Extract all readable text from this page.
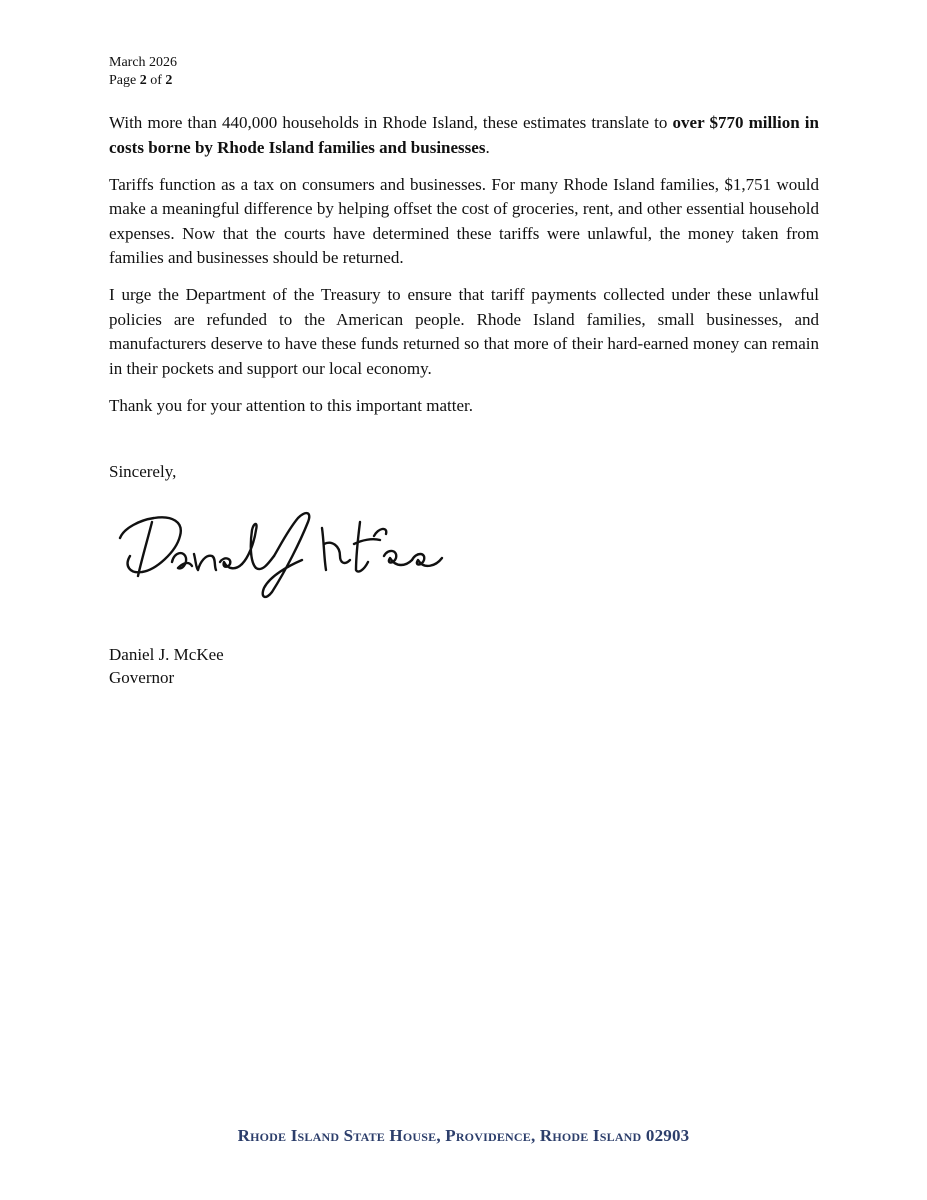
March 2026
Page 2 of 2

With more than 440,000 households in Rhode Island, these estimates translate to over $770 million in costs borne by Rhode Island families and businesses.

Tariffs function as a tax on consumers and businesses. For many Rhode Island families, $1,751 would make a meaningful difference by helping offset the cost of groceries, rent, and other essential household expenses. Now that the courts have determined these tariffs were unlawful, the money taken from families and businesses should be returned.

I urge the Department of the Treasury to ensure that tariff payments collected under these unlawful policies are refunded to the American people. Rhode Island families, small businesses, and manufacturers deserve to have these funds returned so that more of their hard-earned money can remain in their pockets and support our local economy.

Thank you for your attention to this important matter.

Sincerely,
Daniel J. McKee
Governor
Rhode Island State House, Providence, Rhode Island 02903
